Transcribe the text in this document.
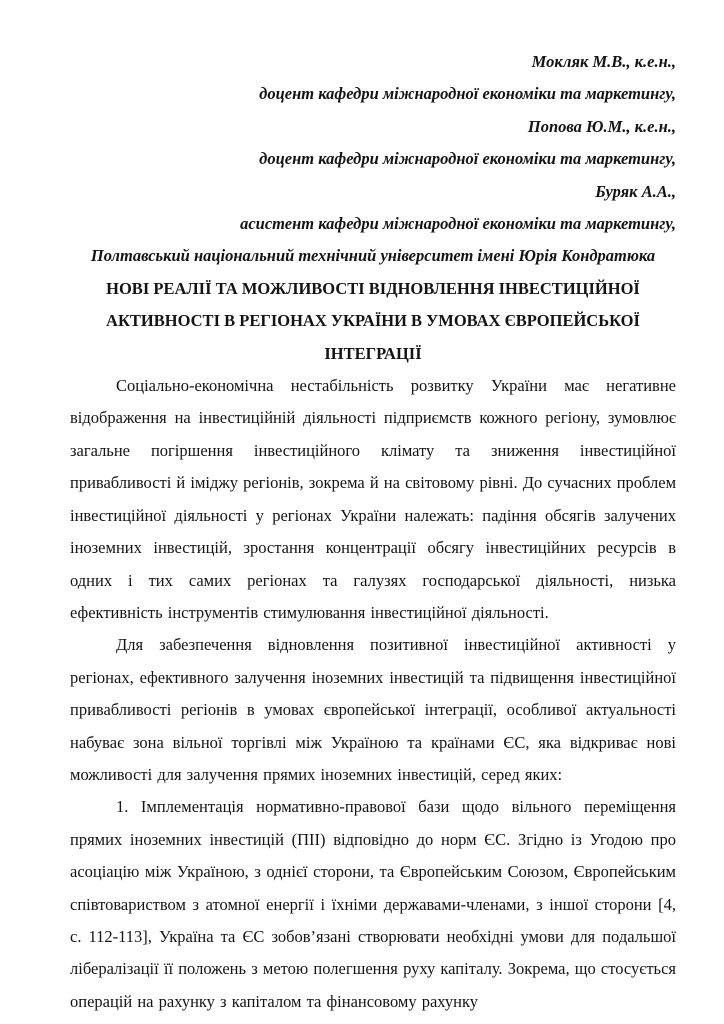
Мокляк М.В., к.е.н.,
доцент кафедри міжнародної економіки та маркетингу,
Попова Ю.М., к.е.н.,
доцент кафедри міжнародної економіки та маркетингу,
Буряк А.А.,
асистент кафедри міжнародної економіки та маркетингу,
Полтавський національний технічний університет імені Юрія Кондратюка
НОВІ РЕАЛІЇ ТА МОЖЛИВОСТІ ВІДНОВЛЕННЯ ІНВЕСТИЦІЙНОЇ АКТИВНОСТІ В РЕГІОНАХ УКРАЇНИ В УМОВАХ ЄВРОПЕЙСЬКОЇ ІНТЕГРАЦІЇ

Соціально-економічна нестабільність розвитку України має негативне відображення на інвестиційній діяльності підприємств кожного регіону, зумовлює загальне погіршення інвестиційного клімату та зниження інвестиційної привабливості й іміджу регіонів, зокрема й на світовому рівні. До сучасних проблем інвестиційної діяльності у регіонах України належать: падіння обсягів залучених іноземних інвестицій, зростання концентрації обсягу інвестиційних ресурсів в одних і тих самих регіонах та галузях господарської діяльності, низька ефективність інструментів стимулювання інвестиційної діяльності.

Для забезпечення відновлення позитивної інвестиційної активності у регіонах, ефективного залучення іноземних інвестицій та підвищення інвестиційної привабливості регіонів в умовах європейської інтеграції, особливої актуальності набуває зона вільної торгівлі між Україною та країнами ЄС, яка відкриває нові можливості для залучення прямих іноземних інвестицій, серед яких:

1. Імплементація нормативно-правової бази щодо вільного переміщення прямих іноземних інвестицій (ПІІ) відповідно до норм ЄС. Згідно із Угодою про асоціацію між Україною, з однієї сторони, та Європейським Союзом, Європейським співтовариством з атомної енергії і їхніми державами-членами, з іншої сторони [4, с. 112-113], Україна та ЄС зобов’язані створювати необхідні умови для подальшої лібералізації її положень з метою полегшення руху капіталу. Зокрема, що стосується операцій на рахунку з капіталом та фінансовому рахунку
